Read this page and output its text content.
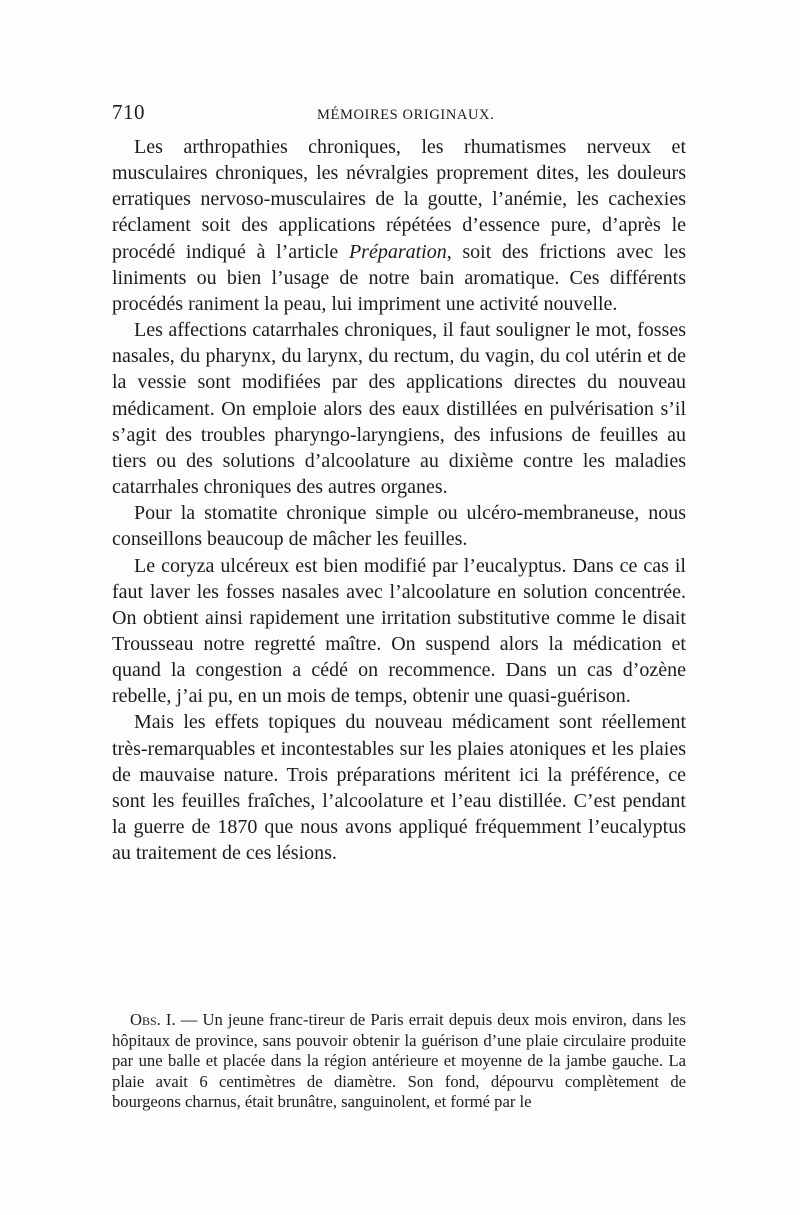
710	MÉMOIRES ORIGINAUX.

Les arthropathies chroniques, les rhumatismes nerveux et musculaires chroniques, les névralgies proprement dites, les douleurs erratiques nervoso-musculaires de la goutte, l’anémie, les cachexies réclament soit des applications répétées d’essence pure, d’après le procédé indiqué à l’article Préparation, soit des frictions avec les liniments ou bien l’usage de notre bain aromatique. Ces différents procédés raniment la peau, lui impriment une activité nouvelle.

Les affections catarrhales chroniques, il faut souligner le mot, fosses nasales, du pharynx, du larynx, du rectum, du vagin, du col utérin et de la vessie sont modifiées par des applications directes du nouveau médicament. On emploie alors des eaux distillées en pulvérisation s’il s’agit des troubles pharyngo-laryngiens, des infusions de feuilles au tiers ou des solutions d’alcoolature au dixième contre les maladies catarrhales chroniques des autres organes.

Pour la stomatite chronique simple ou ulcéro-membraneuse, nous conseillons beaucoup de mâcher les feuilles.

Le coryza ulcéreux est bien modifié par l’eucalyptus. Dans ce cas il faut laver les fosses nasales avec l’alcoolature en solution concentrée. On obtient ainsi rapidement une irritation substitutive comme le disait Trousseau notre regretté maître. On suspend alors la médication et quand la congestion a cédé on recommence. Dans un cas d’ozène rebelle, j’ai pu, en un mois de temps, obtenir une quasi-guérison.

Mais les effets topiques du nouveau médicament sont réellement très-remarquables et incontestables sur les plaies atoniques et les plaies de mauvaise nature. Trois préparations méritent ici la préférence, ce sont les feuilles fraîches, l’alcoolature et l’eau distillée. C’est pendant la guerre de 1870 que nous avons appliqué fréquemment l’eucalyptus au traitement de ces lésions.

Obs. I. — Un jeune franc-tireur de Paris errait depuis deux mois environ, dans les hôpitaux de province, sans pouvoir obtenir la guérison d’une plaie circulaire produite par une balle et placée dans la région antérieure et moyenne de la jambe gauche. La plaie avait 6 centimètres de diamètre. Son fond, dépourvu complètement de bourgeons charnus, était brunâtre, sanguinolent, et formé par le
